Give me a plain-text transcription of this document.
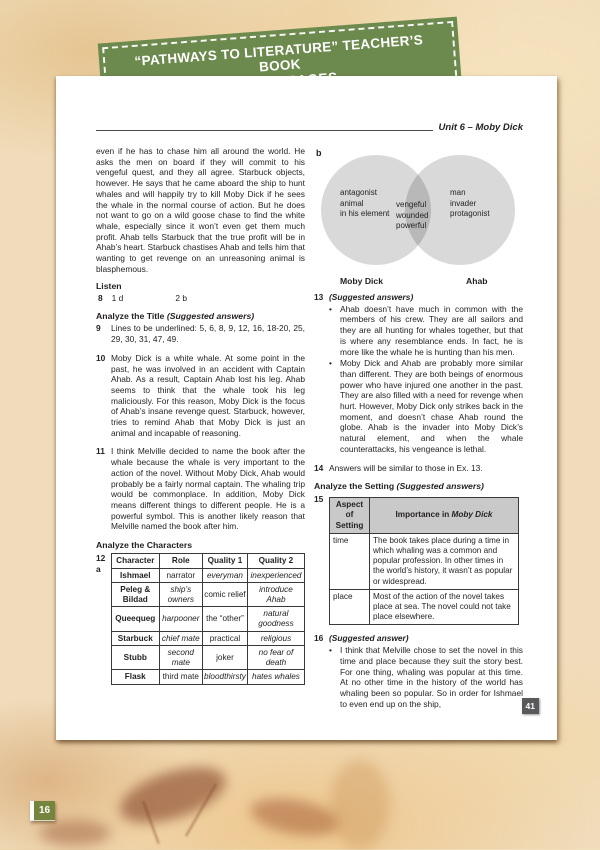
“PATHWAYS TO LITERATURE” TEACHER’S BOOK
Unit 6 – Moby Dick

even if he has to chase him all around the world. He asks the men on board if they will commit to his vengeful quest, and they all agree. Starbuck objects, however. He says that he came aboard the ship to hunt whales and will happily try to kill Moby Dick if he sees the whale in the normal course of action. But he does not want to go on a wild goose chase to find the white whale, especially since it won’t even get them much profit. Ahab tells Starbuck that the true profit will be in Ahab’s heart. Starbuck chastises Ahab and tells him that wanting to get revenge on an unreasoning animal is blasphemous.

Listen
8 1 d	2 b
Analyze the Title (Suggested answers)
9	Lines to be underlined: 5, 6, 8, 9, 12, 16, 18-20, 25, 29, 30, 31, 47, 49.
10 Moby Dick is a white whale. At some point in the past, he was involved in an accident with Captain Ahab. As a result, Captain Ahab lost his leg. Ahab seems to think that the whale took his leg maliciously. For this reason, Moby Dick is the focus of Ahab’s insane revenge quest. Starbuck, however, tries to remind Ahab that Moby Dick is just an animal and incapable of reasoning.
11 I think Melville decided to name the book after the whale because the whale is very important to the action of the novel. Without Moby Dick, Ahab would probably be a fairly normal captain. The whaling trip would be commonplace. In addition, Moby Dick means different things to different people. He is a powerful symbol. This is another likely reason that Melville named the book after him.
Analyze the Characters
12
a
Character	Role	Quality 1	Quality 2
Ishmael	narrator	everyman	inexperienced
Peleg & Bildad	ship’s owners	comic relief	introduce Ahab
Queequeg	harpooner	the “other”	natural goodness
Starbuck	chief mate	practical	religious
Stubb	second mate	joker	no fear of death
Flask	third mate	bloodthirsty	hates whales
b
antagonist
animal
in his element
vengeful
wounded
powerful
man
invader
protagonist
Moby Dick	Ahab
13 (Suggested answers)
• Ahab doesn’t have much in common with the members of his crew. They are all sailors and they are all hunting for whales together, but that is where any resemblance ends. In fact, he is more like the whale he is hunting than his men.
• Moby Dick and Ahab are probably more similar than different. They are both beings of enormous power who have injured one another in the past. They are also filled with a need for revenge when hurt. However, Moby Dick only strikes back in the moment, and doesn’t chase Ahab round the globe. Ahab is the invader into Moby Dick’s natural element, and when the whale counterattacks, his vengeance is lethal.
14 Answers will be similar to those in Ex. 13.
Analyze the Setting (Suggested answers)
15
Aspect of Setting	Importance in Moby Dick
time	The book takes place during a time in which whaling was a common and popular profession. In other times in the world’s history, it wasn’t as popular or widespread.
place	Most of the action of the novel takes place at sea. The novel could not take place elsewhere.
16 (Suggested answer)
• I think that Melville chose to set the novel in this time and place because they suit the story best. For one thing, whaling was popular at this time. At no other time in the history of the world has whaling been so popular. So in order for Ishmael to even end up on the ship,	41
16
